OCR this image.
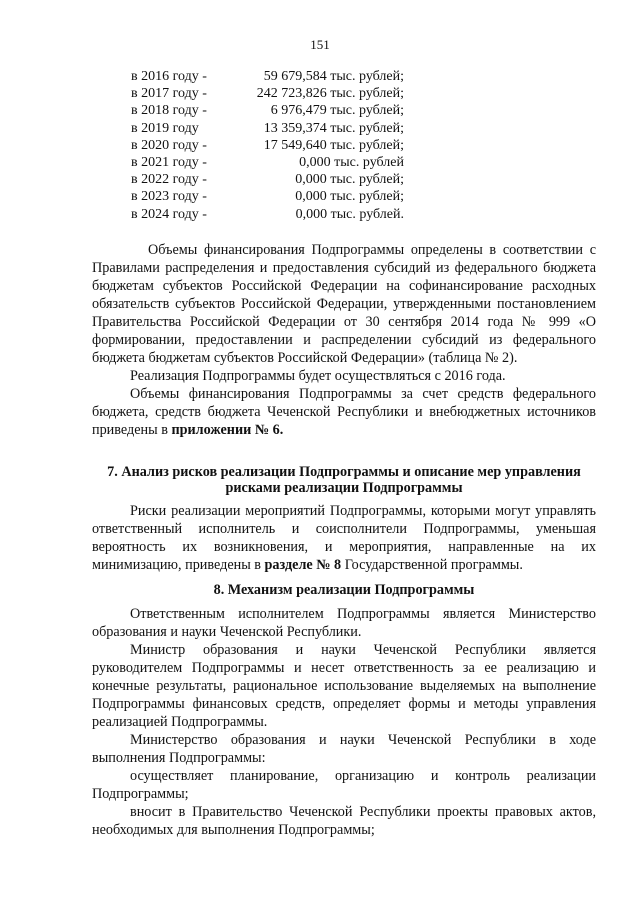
151
в 2016 году -	59 679,584 тыс. рублей;
в 2017 году -	242 723,826 тыс. рублей;
в 2018 году -	6 976,479 тыс. рублей;
в 2019 году	13 359,374 тыс. рублей;
в 2020 году -	17 549,640 тыс. рублей;
в 2021 году -	0,000 тыс. рублей
в 2022 году -	0,000 тыс. рублей;
в 2023 году -	0,000 тыс. рублей;
в 2024 году -	0,000 тыс. рублей.

Объемы финансирования Подпрограммы определены в соответствии с Правилами распределения и предоставления субсидий из федерального бюджета бюджетам субъектов Российской Федерации на софинансирование расходных обязательств субъектов Российской Федерации, утвержденными постановлением Правительства Российской Федерации от 30 сентября 2014 года № 999 «О формировании, предоставлении и распределении субсидий из федерального бюджета бюджетам субъектов Российской Федерации» (таблица № 2).

Реализация Подпрограммы будет осуществляться с 2016 года.

Объемы финансирования Подпрограммы за счет средств федерального бюджета, средств бюджета Чеченской Республики и внебюджетных источников приведены в приложении № 6.

7. Анализ рисков реализации Подпрограммы и описание мер управления рисками реализации Подпрограммы

Риски реализации мероприятий Подпрограммы, которыми могут управлять ответственный исполнитель и соисполнители Подпрограммы, уменьшая вероятность их возникновения, и мероприятия, направленные на их минимизацию, приведены в разделе № 8 Государственной программы.

8. Механизм реализации Подпрограммы

Ответственным исполнителем Подпрограммы является Министерство образования и науки Чеченской Республики.

Министр образования и науки Чеченской Республики является руководителем Подпрограммы и несет ответственность за ее реализацию и конечные результаты, рациональное использование выделяемых на выполнение Подпрограммы финансовых средств, определяет формы и методы управления реализацией Подпрограммы.

Министерство образования и науки Чеченской Республики в ходе выполнения Подпрограммы:

осуществляет планирование, организацию и контроль реализации Подпрограммы;

вносит в Правительство Чеченской Республики проекты правовых актов, необходимых для выполнения Подпрограммы;
